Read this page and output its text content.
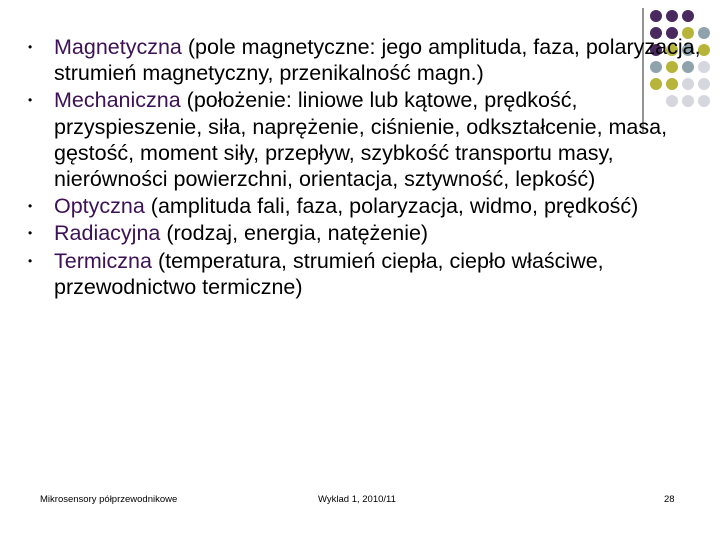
• Magnetyczna (pole magnetyczne: jego amplituda, faza, polaryzacja, strumień magnetyczny, przenikalność magn.)
• Mechaniczna (położenie: liniowe lub kątowe, prędkość, przyspieszenie, siła, naprężenie, ciśnienie, odkształcenie, masa, gęstość, moment siły, przepływ, szybkość transportu masy, nierówności powierzchni, orientacja, sztywność, lepkość)
• Optyczna (amplituda fali, faza, polaryzacja, widmo, prędkość)
• Radiacyjna (rodzaj, energia, natężenie)
• Termiczna (temperatura, strumień ciepła, ciepło właściwe, przewodnictwo termiczne)
Mikrosensory półprzewodnikowe	Wyklad 1, 2010/11	28
